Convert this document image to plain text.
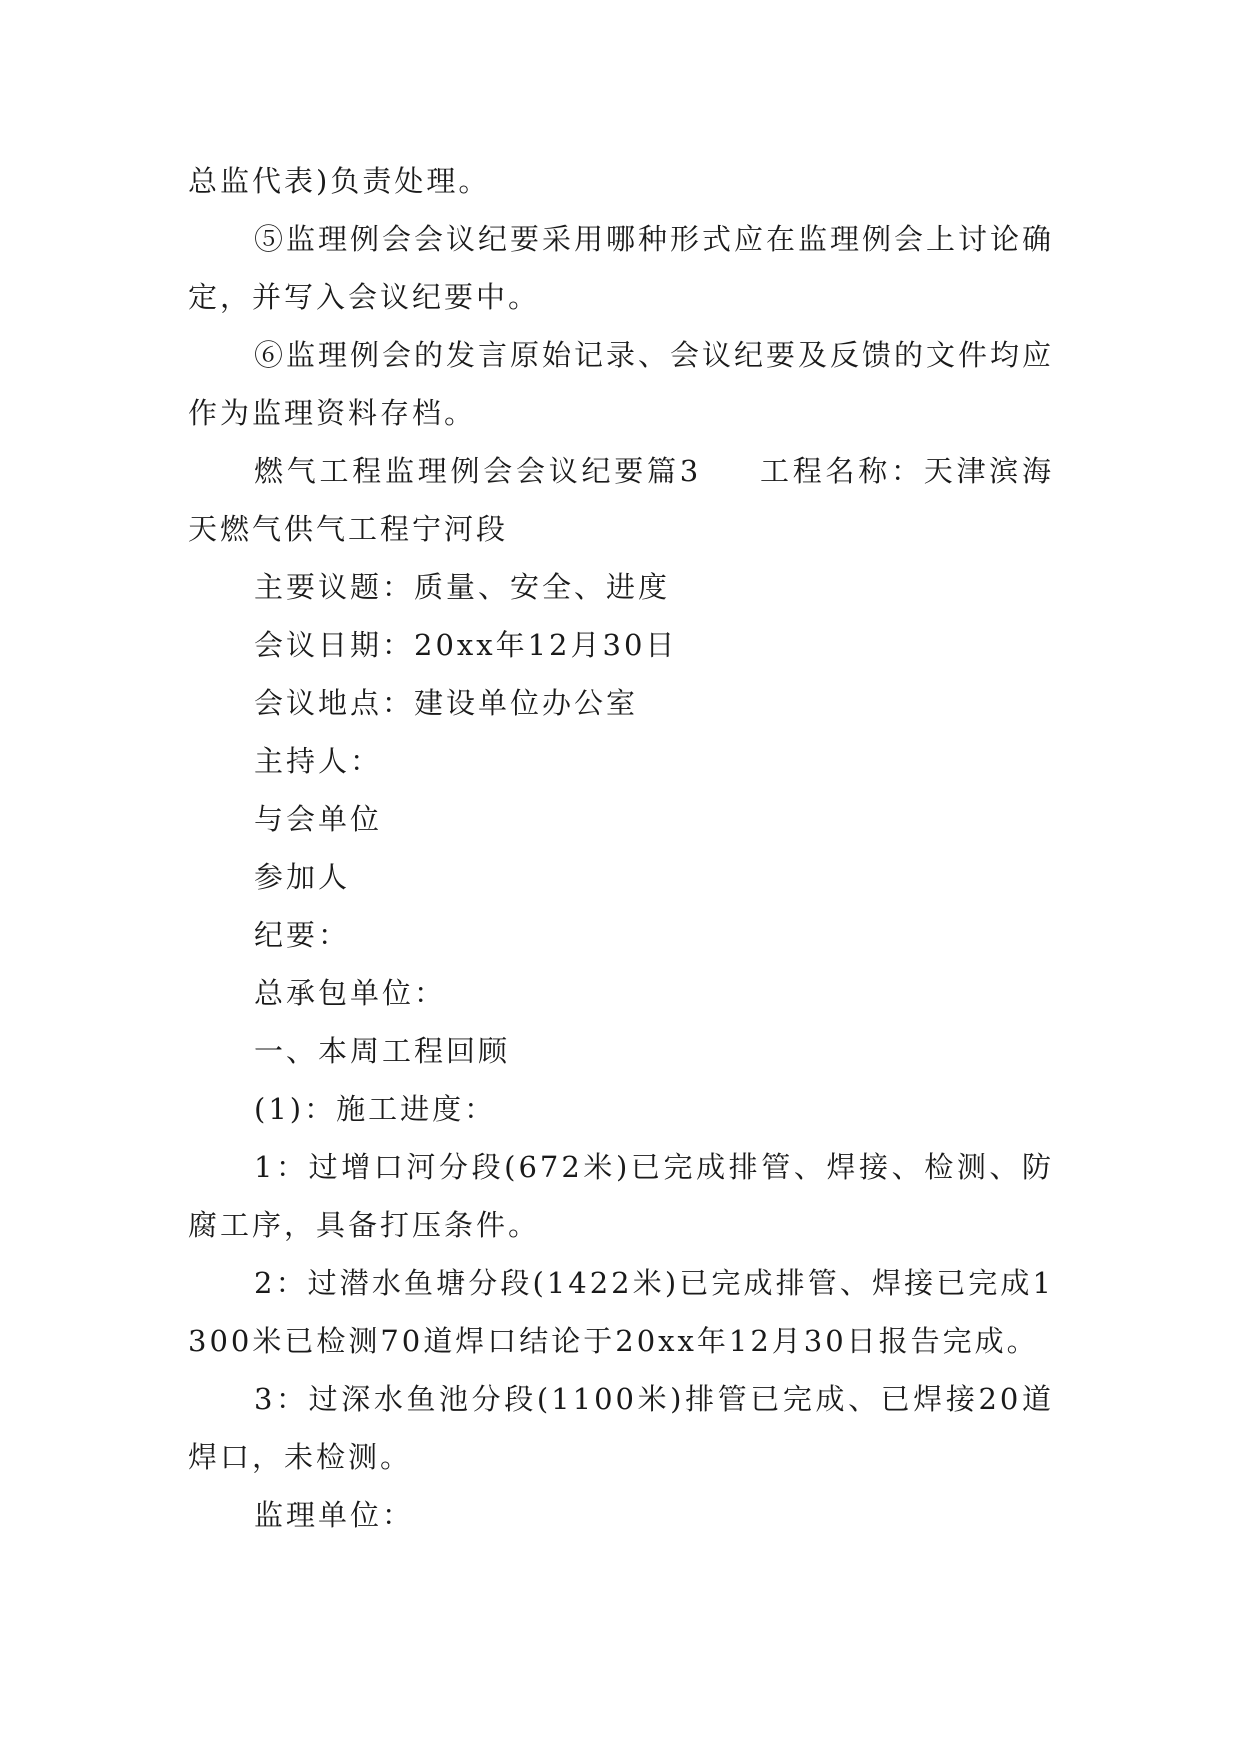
总监代表)负责处理。

⑤监理例会会议纪要采用哪种形式应在监理例会上讨论确定，并写入会议纪要中。

⑥监理例会的发言原始记录、会议纪要及反馈的文件均应作为监理资料存档。

燃气工程监理例会会议纪要篇3 工程名称：天津滨海天燃气供气工程宁河段

主要议题：质量、安全、进度

会议日期：20xx年12月30日

会议地点：建设单位办公室

主持人：

与会单位

参加人

纪要：

总承包单位：

一、本周工程回顾

(1)：施工进度：

1：过增口河分段(672米)已完成排管、焊接、检测、防腐工序，具备打压条件。

2：过潜水鱼塘分段(1422米)已完成排管、焊接已完成1300米已检测70道焊口结论于20xx年12月30日报告完成。

3：过深水鱼池分段(1100米)排管已完成、已焊接20道焊口，未检测。

监理单位：
